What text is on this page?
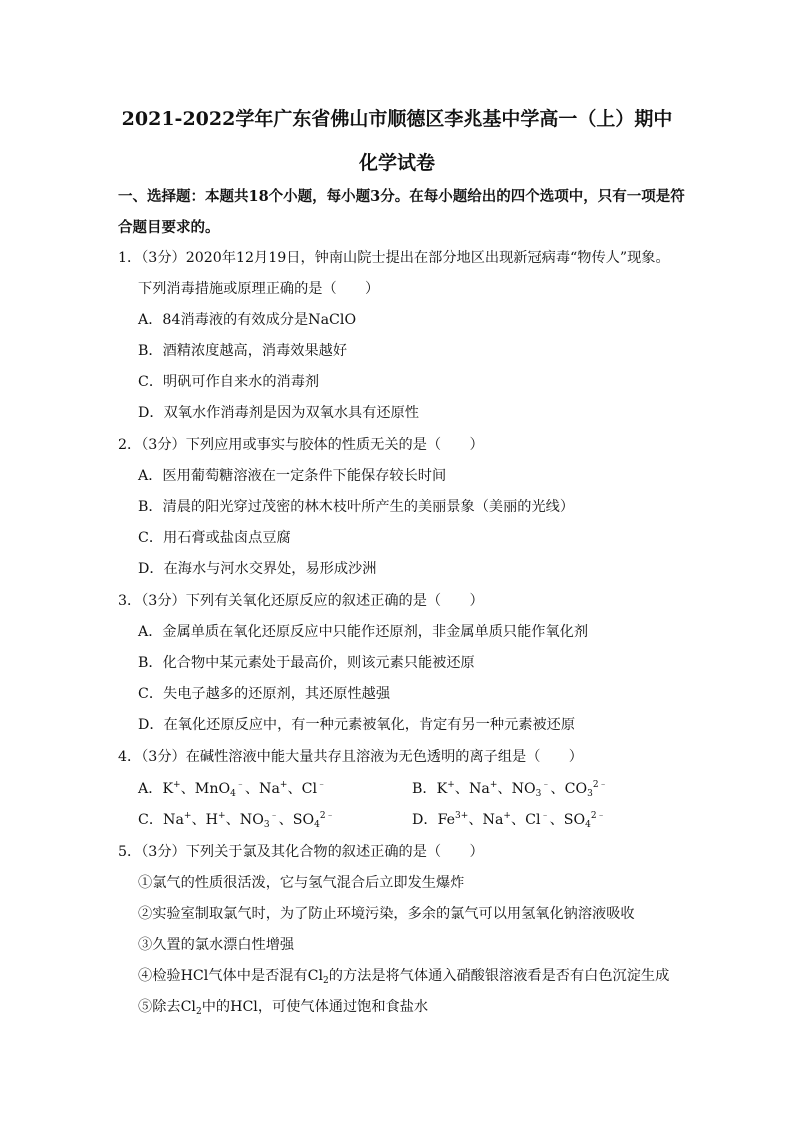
2021-2022学年广东省佛山市顺德区李兆基中学高一（上）期中
化学试卷
一、选择题：本题共18个小题，每小题3分。在每小题给出的四个选项中，只有一项是符合题目要求的。
1．（3分）2020年12月19日，钟南山院士提出在部分地区出现新冠病毒“物传人”现象。
下列消毒措施或原理正确的是（　　）
A．84消毒液的有效成分是NaClO
B．酒精浓度越高，消毒效果越好
C．明矾可作自来水的消毒剂
D．双氧水作消毒剂是因为双氧水具有还原性
2．（3分）下列应用或事实与胶体的性质无关的是（　　）
A．医用葡萄糖溶液在一定条件下能保存较长时间
B．清晨的阳光穿过茂密的林木枝叶所产生的美丽景象（美丽的光线）
C．用石膏或盐卤点豆腐
D．在海水与河水交界处，易形成沙洲
3．（3分）下列有关氧化还原反应的叙述正确的是（　　）
A．金属单质在氧化还原反应中只能作还原剂，非金属单质只能作氧化剂
B．化合物中某元素处于最高价，则该元素只能被还原
C．失电子越多的还原剂，其还原性越强
D．在氧化还原反应中，有一种元素被氧化，肯定有另一种元素被还原
4．（3分）在碱性溶液中能大量共存且溶液为无色透明的离子组是（　　）
A．K+、MnO$_4$﹣、Na+、Cl﹣	B．K+、Na+、$NO_3^﹣$、$CO_3^{2﹣}$
C．Na+、H+、$NO_3^﹣$、$SO_4^{2﹣}$	D．$Fe^{3+}$、Na+、Cl﹣、$SO_4^{2﹣}$
5．（3分）下列关于氯及其化合物的叙述正确的是（　　）
①氯气的性质很活泼，它与氢气混合后立即发生爆炸
②实验室制取氯气时，为了防止环境污染，多余的氯气可以用氢氧化钠溶液吸收
③久置的氯水漂白性增强
④检验HCl气体中是否混有$Cl_2$的方法是将气体通入硝酸银溶液看是否有白色沉淀生成
⑤除去$Cl_2$中的HCl，可使气体通过饱和食盐水
